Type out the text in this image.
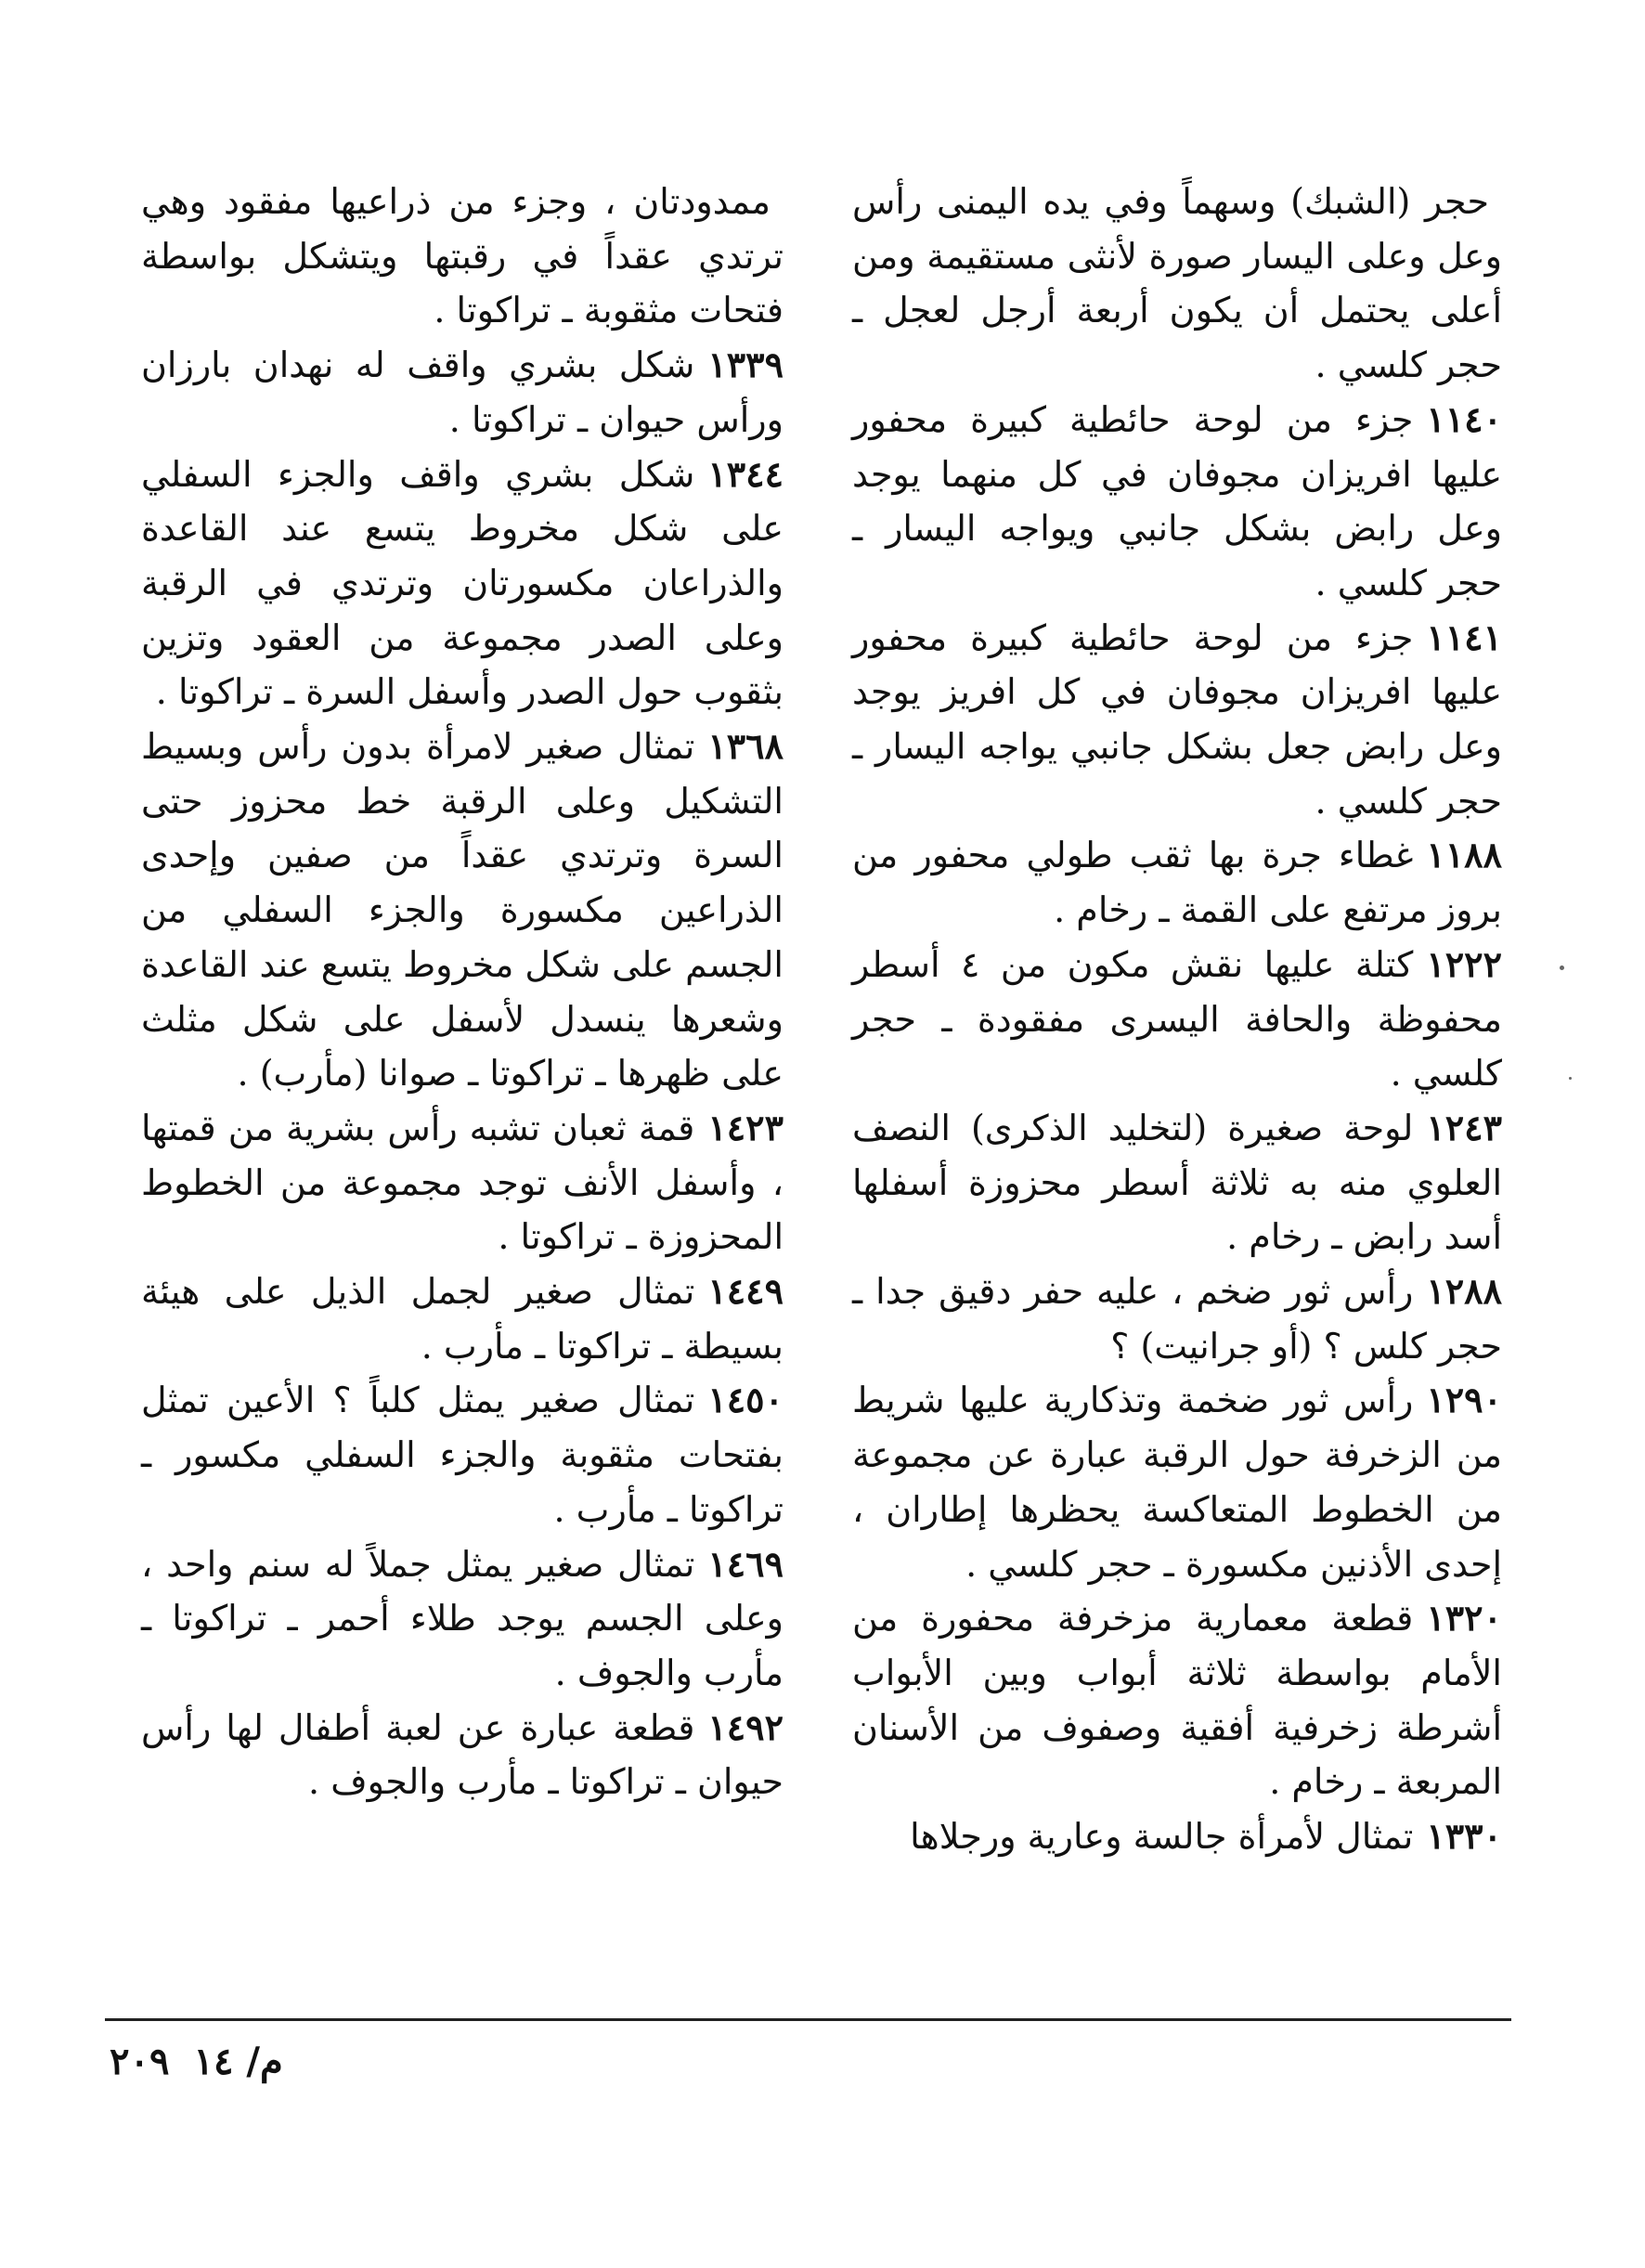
حجر (الشبك) وسهماً وفي يده اليمنى رأس وعل وعلى اليسار صورة لأنثى مستقيمة ومن أعلى يحتمل أن يكون أربعة أرجل لعجل ـ حجر كلسي .

١١٤٠جزء من لوحة حائطية كبيرة محفور عليها افريزان مجوفان في كل منهما يوجد وعل رابض بشكل جانبي ويواجه اليسار ـ حجر كلسي .

١١٤١جزء من لوحة حائطية كبيرة محفور عليها افريزان مجوفان في كل افريز يوجد وعل رابض جعل بشكل جانبي يواجه اليسار ـ حجر كلسي .

١١٨٨غطاء جرة بها ثقب طولي محفور من بروز مرتفع على القمة ـ رخام .

١٢٢٢كتلة عليها نقش مكون من ٤ أسطر محفوظة والحافة اليسرى مفقودة ـ حجر كلسي .

١٢٤٣لوحة صغيرة (لتخليد الذكرى) النصف العلوي منه به ثلاثة أسطر محزوزة أسفلها أسد رابض ـ رخام .

١٢٨٨رأس ثور ضخم ، عليه حفر دقيق جدا ـ حجر كلس ؟ (أو جرانيت) ؟

١٢٩٠رأس ثور ضخمة وتذكارية عليها شريط من الزخرفة حول الرقبة عبارة عن مجموعة من الخطوط المتعاكسة يحظرها إطاران ، إحدى الأذنين مكسورة ـ حجر كلسي .

١٣٢٠قطعة معمارية مزخرفة محفورة من الأمام بواسطة ثلاثة أبواب وبين الأبواب أشرطة زخرفية أفقية وصفوف من الأسنان المربعة ـ رخام .

١٣٣٠تمثال لأمرأة جالسة وعارية ورجلاها

ممدودتان ، وجزء من ذراعيها مفقود وهي ترتدي عقداً في رقبتها ويتشكل بواسطة فتحات مثقوبة ـ تراكوتا .

١٣٣٩شكل بشري واقف له نهدان بارزان ورأس حيوان ـ تراكوتا .

١٣٤٤شكل بشري واقف والجزء السفلي على شكل مخروط يتسع عند القاعدة والذراعان مكسورتان وترتدي في الرقبة وعلى الصدر مجموعة من العقود وتزين بثقوب حول الصدر وأسفل السرة ـ تراكوتا .

١٣٦٨تمثال صغير لامرأة بدون رأس وبسيط التشكيل وعلى الرقبة خط محزوز حتى السرة وترتدي عقداً من صفين وإحدى الذراعين مكسورة والجزء السفلي من الجسم على شكل مخروط يتسع عند القاعدة وشعرها ينسدل لأسفل على شكل مثلث على ظهرها ـ تراكوتا ـ صوانا (مأرب) .

١٤٢٣قمة ثعبان تشبه رأس بشرية من قمتها ، وأسفل الأنف توجد مجموعة من الخطوط المحزوزة ـ تراكوتا .

١٤٤٩تمثال صغير لجمل الذيل على هيئة بسيطة ـ تراكوتا ـ مأرب .

١٤٥٠تمثال صغير يمثل كلباً ؟ الأعين تمثل بفتحات مثقوبة والجزء السفلي مكسور ـ تراكوتا ـ مأرب .

١٤٦٩تمثال صغير يمثل جملاً له سنم واحد ، وعلى الجسم يوجد طلاء أحمر ـ تراكوتا ـ مأرب والجوف .

١٤٩٢قطعة عبارة عن لعبة أطفال لها رأس حيوان ـ تراكوتا ـ مأرب والجوف .

م/ ١٤
٢٠٩
